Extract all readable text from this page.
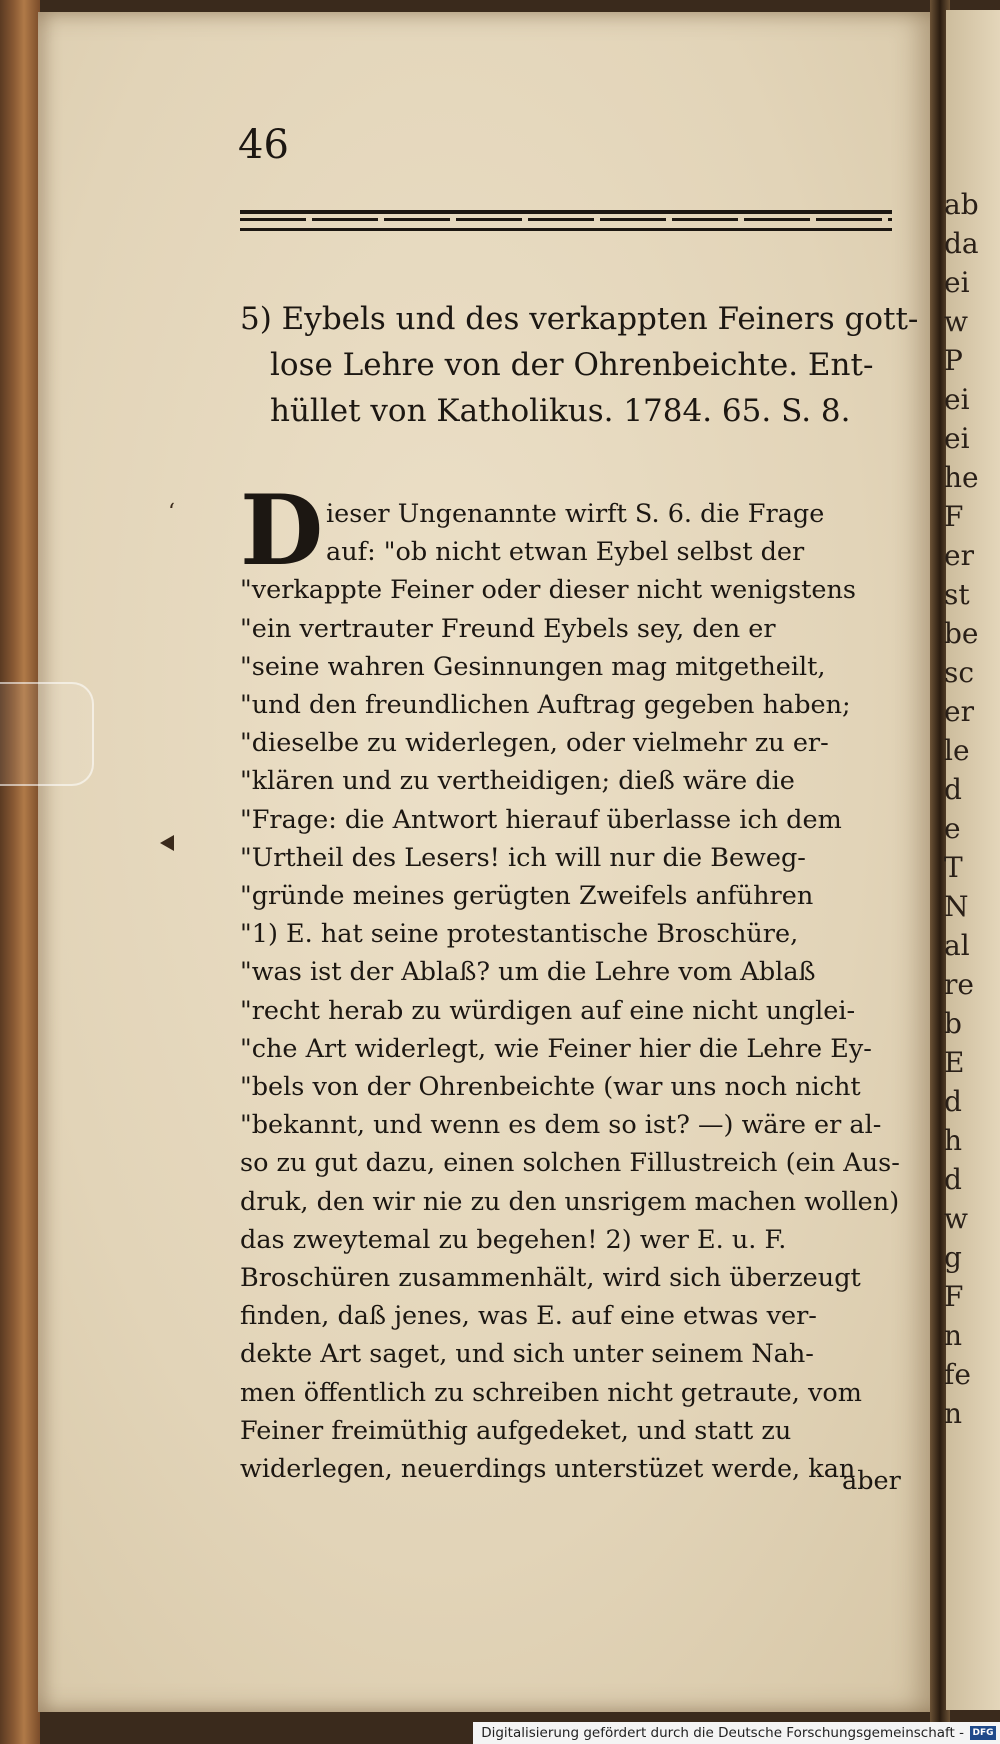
ab
da
ei
w
P
ei
ei
he
F
er
st
be
sc
er
le
d
e
T
N
al
re
b
E
d
h
d
w
g
F
n
fe
n
46
5) Eybels und des verkappten Feiners gott-
lose Lehre von der Ohrenbeichte. Ent-
hüllet von Katholikus. 1784. 65. S. 8.
D ieser Ungenannte wirft S. 6. die Frage
auf: "ob nicht etwan Eybel selbst der
"verkappte Feiner oder dieser nicht wenigstens
"ein vertrauter Freund Eybels sey, den er
"seine wahren Gesinnungen mag mitgetheilt,
"und den freundlichen Auftrag gegeben haben;
"dieselbe zu widerlegen, oder vielmehr zu er-
"klären und zu vertheidigen; dieß wäre die
"Frage: die Antwort hierauf überlasse ich dem
"Urtheil des Lesers! ich will nur die Beweg-
"gründe meines gerügten Zweifels anführen
"1) E. hat seine protestantische Broschüre,
"was ist der Ablaß? um die Lehre vom Ablaß
"recht herab zu würdigen auf eine nicht unglei-
"che Art widerlegt, wie Feiner hier die Lehre Ey-
"bels von der Ohrenbeichte (war uns noch nicht
"bekannt, und wenn es dem so ist? —) wäre er al-
so zu gut dazu, einen solchen Fillustreich (ein Aus-
druk, den wir nie zu den unsrigem machen wollen)
das zweytemal zu begehen! 2) wer E. u. F.
Broschüren zusammenhält, wird sich überzeugt
finden, daß jenes, was E. auf eine etwas ver-
dekte Art saget, und sich unter seinem Nah-
men öffentlich zu schreiben nicht getraute, vom
Feiner freimüthig aufgedeket, und statt zu
widerlegen, neuerdings unterstüzet werde, kan
aber
‘
Digitalisierung gefördert durch die Deutsche Forschungsgemeinschaft - DFG
